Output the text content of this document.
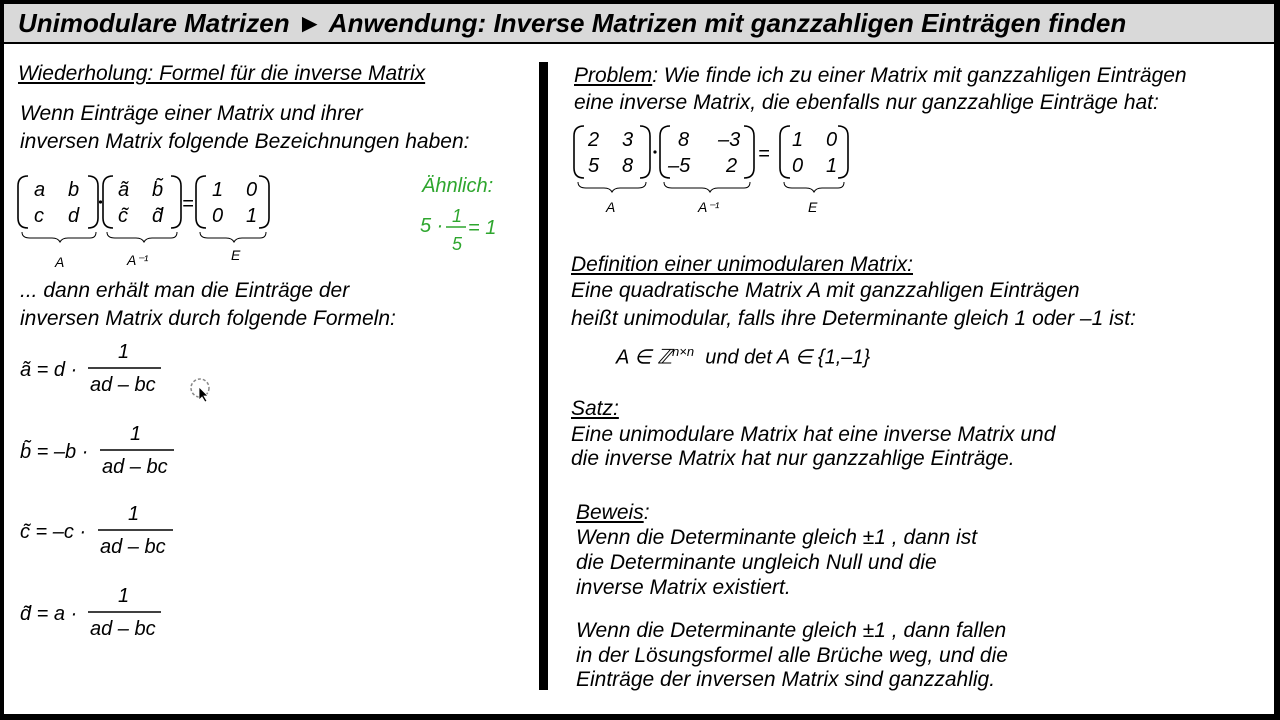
Unimodulare Matrizen ► Anwendung: Inverse Matrizen mit ganzzahligen Einträgen finden
Wiederholung: Formel für die inverse Matrix
Wenn Einträge einer Matrix und ihrer
inversen Matrix folgende Bezeichnungen haben:
a b
c d
ã b̃
c̃ d̃
=
1 0
0 1
A	A⁻¹	E
Ähnlich:
5 · 1
5
= 1
... dann erhält man die Einträge der
inversen Matrix durch folgende Formeln:
ã = d ·
1
ad – bc
b̃ = –b ·
1
ad – bc
c̃ = –c ·
1
ad – bc
d̃ = a ·
1
ad – bc
Problem: Wie finde ich zu einer Matrix mit ganzzahligen Einträgen
eine inverse Matrix, die ebenfalls nur ganzzahlige Einträge hat:
2 3
5 8
8 –3
–5 2
=
1 0
0 1
A	A⁻¹	E
Definition einer unimodularen Matrix:
Eine quadratische Matrix A mit ganzzahligen Einträgen
heißt unimodular, falls ihre Determinante gleich 1 oder –1 ist:
A ∈ ℤ$^{n\times n}$ und det A ∈ {1,–1}
Satz:
Eine unimodulare Matrix hat eine inverse Matrix und
die inverse Matrix hat nur ganzzahlige Einträge.
Beweis:
Wenn die Determinante gleich ±1 , dann ist
die Determinante ungleich Null und die
inverse Matrix existiert.
Wenn die Determinante gleich ±1 , dann fallen
in der Lösungsformel alle Brüche weg, und die
Einträge der inversen Matrix sind ganzzahlig.
